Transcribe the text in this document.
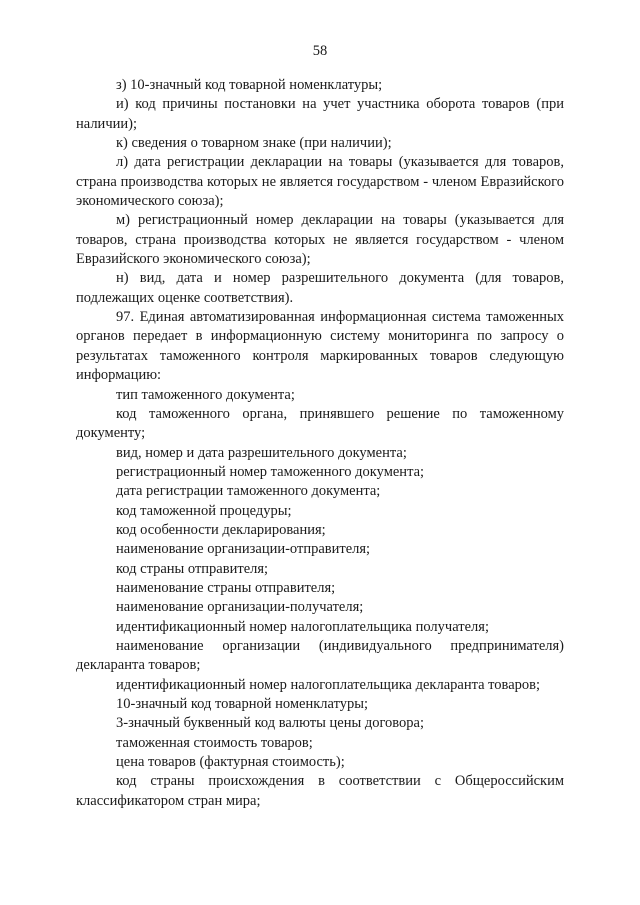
58

з) 10-значный код товарной номенклатуры;

и) код причины постановки на учет участника оборота товаров (при наличии);

к) сведения о товарном знаке (при наличии);

л) дата регистрации декларации на товары (указывается для товаров, страна производства которых не является государством - членом Евразийского экономического союза);

м) регистрационный номер декларации на товары (указывается для товаров, страна производства которых не является государством - членом Евразийского экономического союза);

н) вид, дата и номер разрешительного документа (для товаров, подлежащих оценке соответствия).

97. Единая автоматизированная информационная система таможенных органов передает в информационную систему мониторинга по запросу о результатах таможенного контроля маркированных товаров следующую информацию:

тип таможенного документа;

код таможенного органа, принявшего решение по таможенному документу;

вид, номер и дата разрешительного документа;

регистрационный номер таможенного документа;

дата регистрации таможенного документа;

код таможенной процедуры;

код особенности декларирования;

наименование организации-отправителя;

код страны отправителя;

наименование страны отправителя;

наименование организации-получателя;

идентификационный номер налогоплательщика получателя;

наименование организации (индивидуального предпринимателя) декларанта товаров;

идентификационный номер налогоплательщика декларанта товаров;

10-значный код товарной номенклатуры;

3-значный буквенный код валюты цены договора;

таможенная стоимость товаров;

цена товаров (фактурная стоимость);

код страны происхождения в соответствии с Общероссийским классификатором стран мира;
